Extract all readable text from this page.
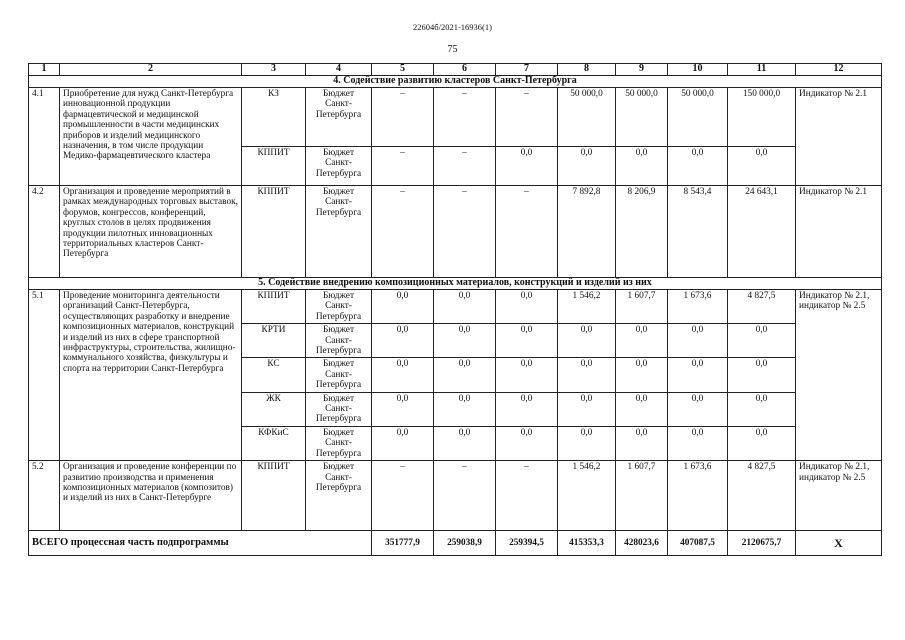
22604б/2021-16936(1)
75
1	2	3	4	5	6	7	8	9	10	11	12
4. Содействие развитию кластеров Санкт-Петербурга											
4.1	Приобретение для нужд Санкт-Петербурга инновационной продукции фармацевтической и медицинской промышленности в части медицинских приборов и изделий медицинского назначения, в том числе продукции Медико-фармацевтического кластера	КЗ	Бюджет Санкт-Петербурга	–	–	–	50 000,0	50 000,0	50 000,0	150 000,0	Индикатор № 2.1
		КППИТ	Бюджет Санкт-Петербурга	–	–	0,0	0,0	0,0	0,0	0,0	
4.2	Организация и проведение мероприятий в рамках международных торговых выставок, форумов, конгрессов, конференций, круглых столов в целях продвижения продукции пилотных инновационных территориальных кластеров Санкт-Петербурга	КППИТ	Бюджет Санкт-Петербурга	–	–	–	7 892,8	8 206,9	8 543,4	24 643,1	Индикатор № 2.1
5. Содействие внедрению композиционных материалов, конструкций и изделий из них											
5.1	Проведение мониторинга деятельности организаций Санкт-Петербурга, осуществляющих разработку и внедрение композиционных материалов, конструкций и изделий из них в сфере транспортной инфраструктуры, строительства, жилищно-коммунального хозяйства, физкультуры и спорта на территории Санкт-Петербурга	КППИТ	Бюджет Санкт-Петербурга	0,0	0,0	0,0	1 546,2	1 607,7	1 673,6	4 827,5	Индикатор № 2.1, индикатор № 2.5
		КРТИ	Бюджет Санкт-Петербурга	0,0	0,0	0,0	0,0	0,0	0,0	0,0	
		КС	Бюджет Санкт-Петербурга	0,0	0,0	0,0	0,0	0,0	0,0	0,0	
		ЖК	Бюджет Санкт-Петербурга	0,0	0,0	0,0	0,0	0,0	0,0	0,0	
		КФКиС	Бюджет Санкт-Петербурга	0,0	0,0	0,0	0,0	0,0	0,0	0,0	
5.2	Организация и проведение конференции по развитию производства и применения композиционных материалов (композитов) и изделий из них в Санкт-Петербурге	КППИТ	Бюджет Санкт-Петербурга	–	–	–	1 546,2	1 607,7	1 673,6	4 827,5	Индикатор № 2.1, индикатор № 2.5
ВСЕГО процессная часть подпрограммы				351777,9	259038,9	259394,5	415353,3	428023,6	407087,5	2120675,7	Х
